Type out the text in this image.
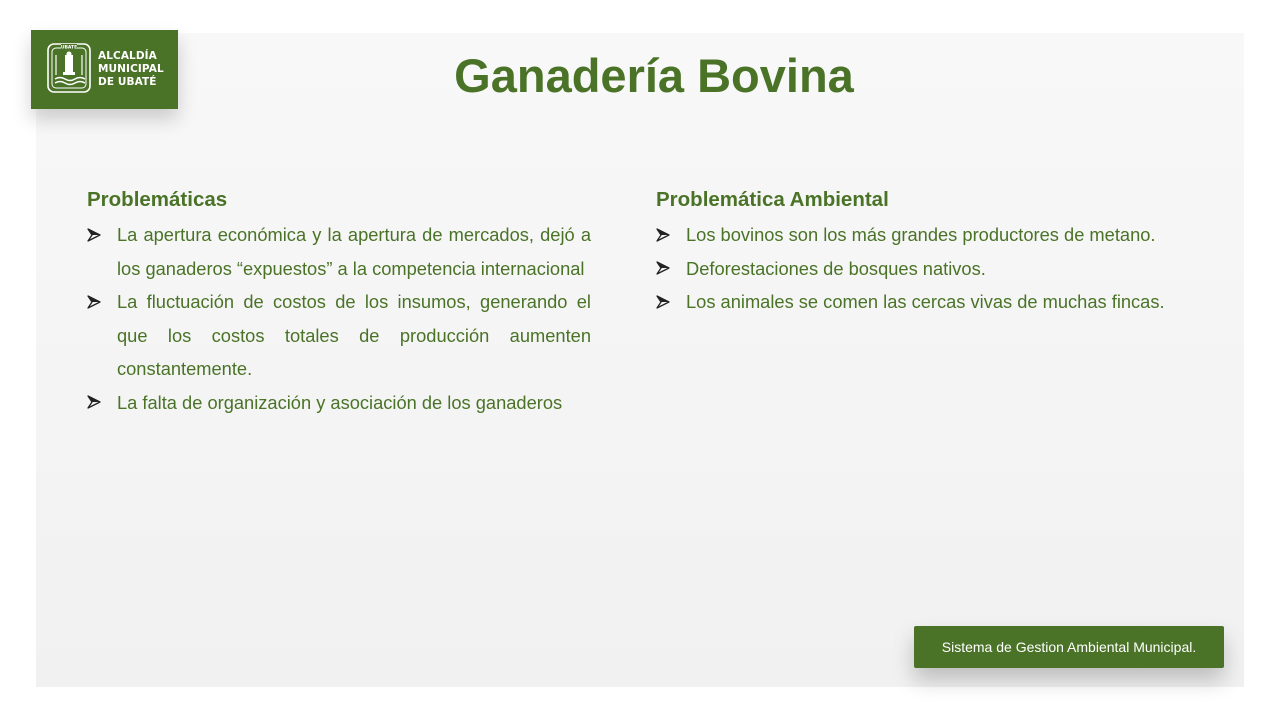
UBATE
ALCALDÍA
MUNICIPAL
DE UBATÉ	Ganadería Bovina
Problemáticas
La apertura económica y la apertura de mercados, dejó a los ganaderos “expuestos” a la competencia internacional
La fluctuación de costos de los insumos, generando el que los costos totales de producción aumenten constantemente.
La falta de organización y asociación de los ganaderos
Problemática Ambiental
Los bovinos son los más grandes productores de metano.
Deforestaciones de bosques nativos.
Los animales se comen las cercas vivas de muchas fincas.
Sistema de Gestion Ambiental Municipal.
